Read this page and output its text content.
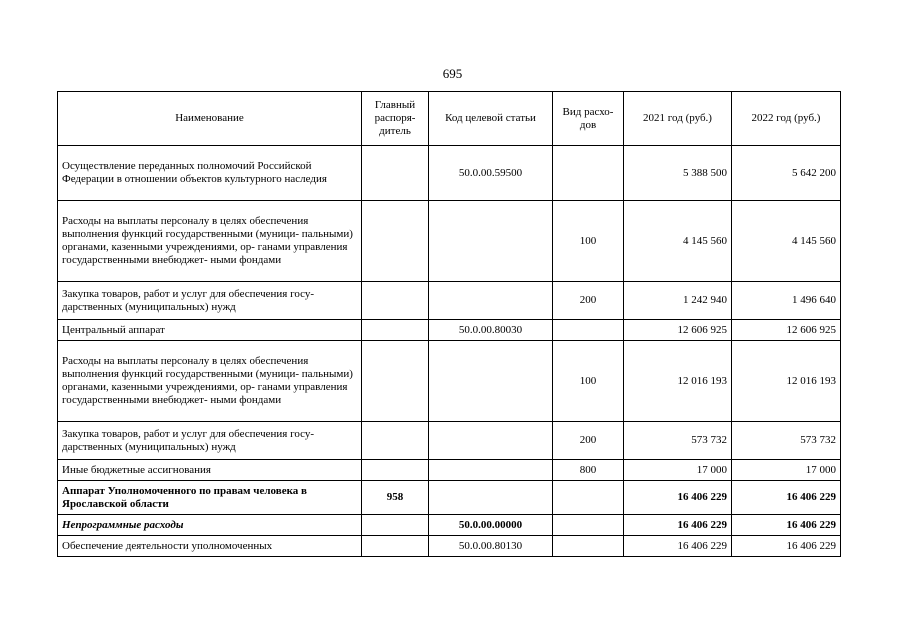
695
Наименование	Главный распоря- дитель	Код целевой статьи	Вид расхо- дов	2021 год (руб.)	2022 год (руб.)
Осуществление переданных полномочий Российской Федерации в отношении объектов культурного наследия		50.0.00.59500		5 388 500	5 642 200
Расходы на выплаты персоналу в целях обеспечения выполнения функций государственными (муници- пальными) органами, казенными учреждениями, ор- ганами управления государственными внебюджет- ными фондами			100	4 145 560	4 145 560
Закупка товаров, работ и услуг для обеспечения госу- дарственных (муниципальных) нужд			200	1 242 940	1 496 640
Центральный аппарат		50.0.00.80030		12 606 925	12 606 925
Расходы на выплаты персоналу в целях обеспечения выполнения функций государственными (муници- пальными) органами, казенными учреждениями, ор- ганами управления государственными внебюджет- ными фондами			100	12 016 193	12 016 193
Закупка товаров, работ и услуг для обеспечения госу- дарственных (муниципальных) нужд			200	573 732	573 732
Иные бюджетные ассигнования			800	17 000	17 000
Аппарат Уполномоченного по правам человека в Ярославской области	958			16 406 229	16 406 229
Непрограммные расходы		50.0.00.00000		16 406 229	16 406 229
Обеспечение деятельности уполномоченных		50.0.00.80130		16 406 229	16 406 229
